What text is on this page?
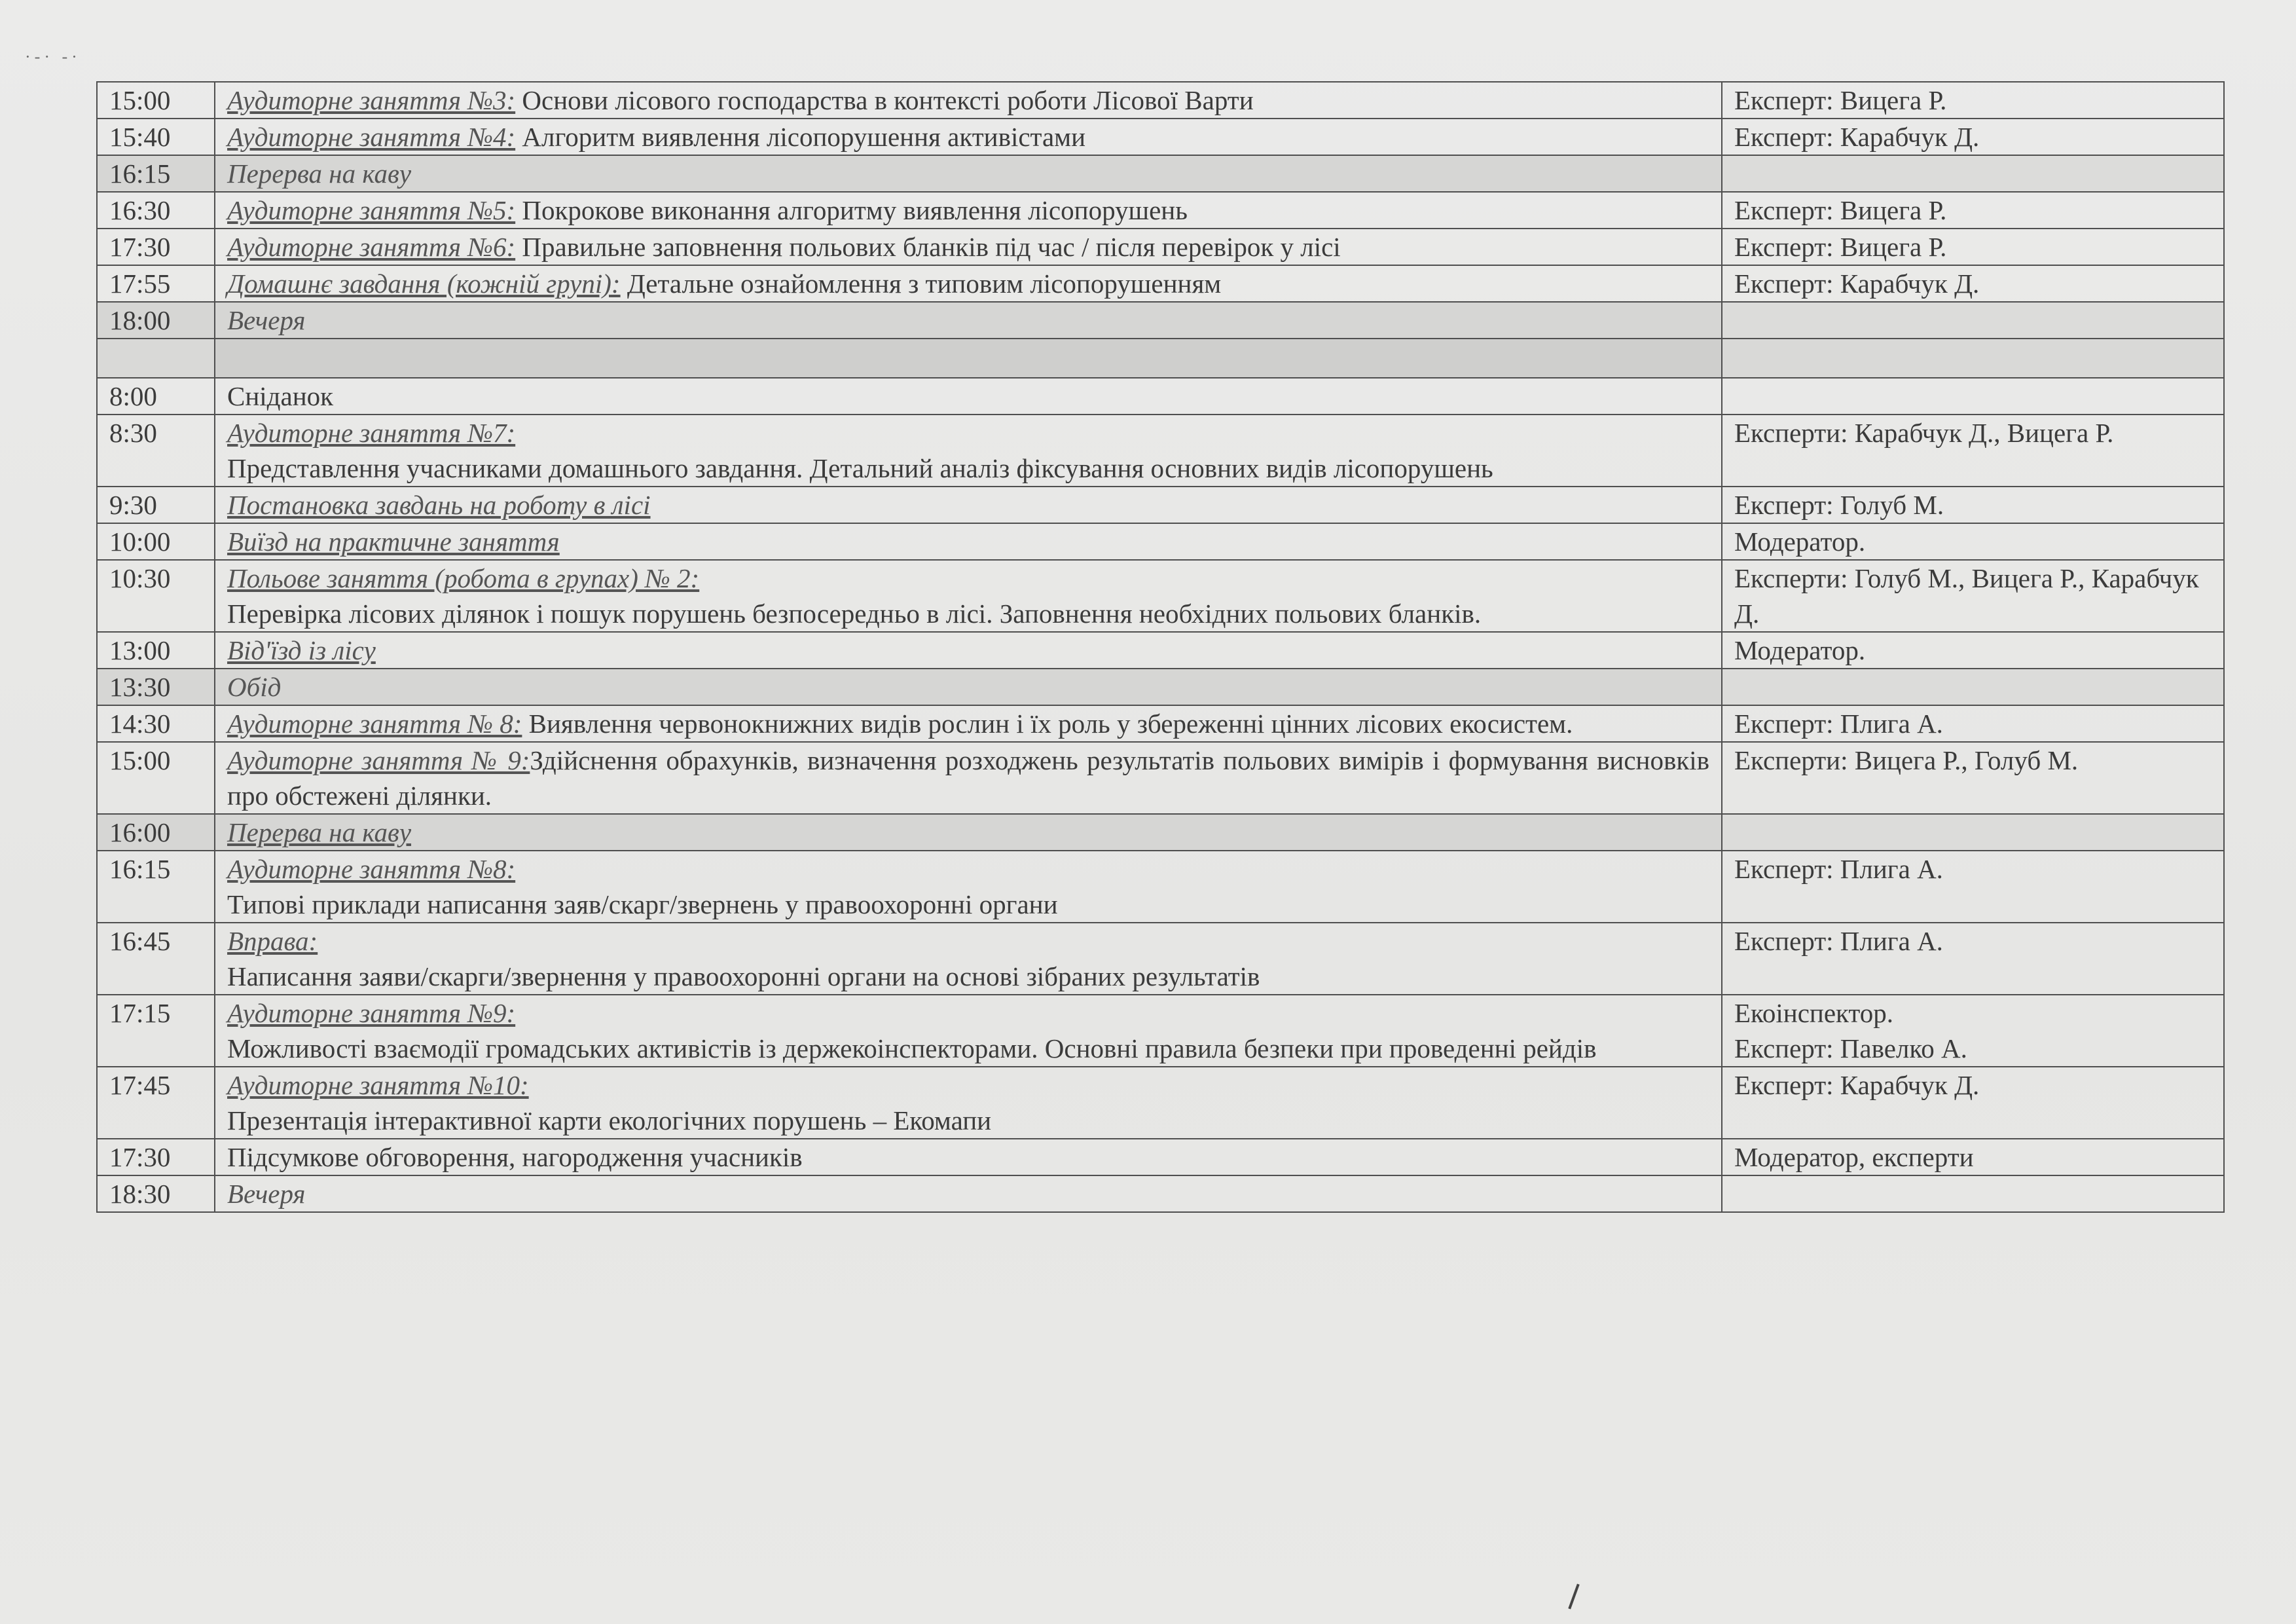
·-· -·
15:00	Аудиторне заняття №3: Основи лісового господарства в контексті роботи Лісової Варти	Експерт: Вицега Р.

15:40	Аудиторне заняття №4: Алгоритм виявлення лісопорушення активістами	Експерт: Карабчук Д.

16:15	Перерва на каву	
16:30	Аудиторне заняття №5: Покрокове виконання алгоритму виявлення лісопорушень	Експерт: Вицега Р.

17:30	Аудиторне заняття №6: Правильне заповнення польових бланків під час / після перевірок у лісі	Експерт: Вицега Р.

17:55	Домашнє завдання (кожній групі): Детальне ознайомлення з типовим лісопорушенням	Експерт: Карабчук Д.

18:00	Вечеря	

8:00	Сніданок	
8:30	Аудиторне заняття №7:
Представлення учасниками домашнього завдання. Детальний аналіз фіксування основних видів лісопорушень	Експерти: Карабчук Д., Вицега Р.

9:30	Постановка завдань на роботу в лісі	Експерт: Голуб М.

10:00	Виїзд на практичне заняття	Модератор.

10:30	Польове заняття (робота в групах) № 2:
Перевірка лісових ділянок і пошук порушень безпосередньо в лісі. Заповнення необхідних польових бланків.	Експерти: Голуб М., Вицега Р., Карабчук Д.

13:00	Від'їзд із лісу	Модератор.

13:30	Обід	
14:30	Аудиторне заняття № 8: Виявлення червонокнижних видів рослин і їх роль у збереженні цінних лісових екосистем.	Експерт: Плига А.

15:00	Аудиторне заняття № 9:Здійснення обрахунків, визначення розходжень результатів польових вимірів і формування висновків про обстежені ділянки.	Експерти: Вицега Р., Голуб М.

16:00	Перерва на каву	
16:15	Аудиторне заняття №8:
Типові приклади написання заяв/скарг/звернень у правоохоронні органи	Експерт: Плига А.

16:45	Вправа:
Написання заяви/скарги/звернення у правоохоронні органи на основі зібраних результатів	Експерт: Плига А.

17:15	Аудиторне заняття №9:
Можливості взаємодії громадських активістів із держекоінспекторами. Основні правила безпеки при проведенні рейдів	Екоінспектор.
Експерт: Павелко А.

17:45	Аудиторне заняття №10:
Презентація інтерактивної карти екологічних порушень – Екомапи	Експерт: Карабчук Д.

17:30	Підсумкове обговорення, нагородження учасників	Модератор, експерти

18:30	Вечеря	
